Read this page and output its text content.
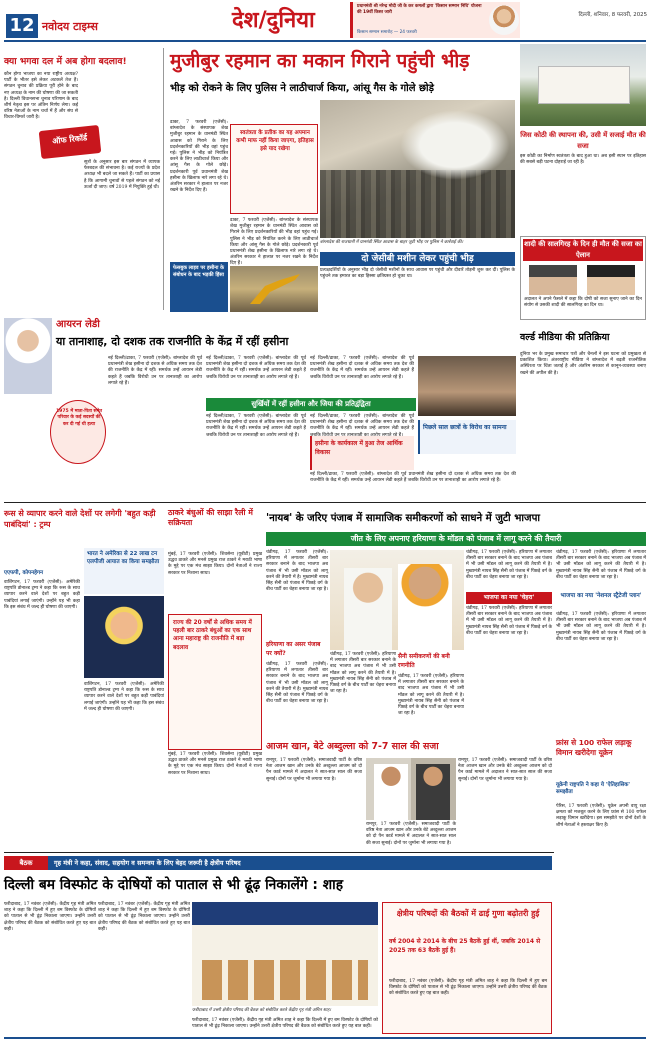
12 नवोदय टाइम्स	देश/दुनिया
प्रधानमंत्री श्री नरेन्द्र मोदी जी के कर कमलों द्वारा 'किसान सम्मान निधि' योजना की 19वीं किस्त जारी
किसान सम्मान समारोह — 24 फरवरी
दिल्ली, शनिवार, 8 फरवरी, 2025
क्या भगवा दल में अब होगा बदलाव!
कौन होगा भाजपा का नया राष्ट्रीय अध्यक्ष? पार्टी के भीतर इसे लेकर अटकलें तेज हैं। संगठन चुनाव की प्रक्रिया पूरी होने के बाद नए अध्यक्ष के नाम की घोषणा की जा सकती है। दिल्ली विधानसभा चुनाव परिणाम के बाद शीर्ष नेतृत्व इस पर अंतिम निर्णय लेगा। कई वरिष्ठ नेताओं के नाम चर्चा में हैं और संघ से विचार-विमर्श जारी है।
ऑफ रिकॉर्ड
सूत्रों के अनुसार इस बार संगठन में व्यापक फेरबदल की संभावना है। कई राज्यों के प्रदेश अध्यक्ष भी बदले जा सकते हैं। पार्टी का प्रयास है कि आगामी चुनावों से पहले संगठन को नई ऊर्जा दी जाए। वर्ष 2019 में नियुक्ति हुई थी।
मुजीबुर रहमान का मकान गिराने पहुंची भीड़
भीड़ को रोकने के लिए पुलिस ने लाठीचार्ज किया, आंसू गैस के गोले छोड़े
ढाका, 7 फरवरी (एजेंसी): बांग्लादेश के संस्थापक शेख मुजीबुर रहमान के धानमंडी स्थित आवास को गिराने के लिए प्रदर्शनकारियों की भीड़ वहां पहुंच गई। पुलिस ने भीड़ को नियंत्रित करने के लिए लाठीचार्ज किया और आंसू गैस के गोले छोड़े। प्रदर्शनकारी पूर्व प्रधानमंत्री शेख हसीना के खिलाफ नारे लगा रहे थे। अंतरिम सरकार ने हालात पर नजर रखने के निर्देश दिए हैं।
स्वतंत्रता के प्रतीक का यह अपमान कभी माफ नहीं किया जाएगा, इतिहास इसे याद रखेगा
ढाका, 7 फरवरी (एजेंसी): बांग्लादेश के संस्थापक शेख मुजीबुर रहमान के धानमंडी स्थित आवास को गिराने के लिए प्रदर्शनकारियों की भीड़ वहां पहुंच गई। पुलिस ने भीड़ को नियंत्रित करने के लिए लाठीचार्ज किया और आंसू गैस के गोले छोड़े। प्रदर्शनकारी पूर्व प्रधानमंत्री शेख हसीना के खिलाफ नारे लगा रहे थे। अंतरिम सरकार ने हालात पर नजर रखने के निर्देश दिए हैं।
बांग्लादेश की राजधानी में धानमंडी स्थित आवास के बाहर जुटी भीड़ पर पुलिस ने कार्रवाई की।
दो जेसीबी मशीन लेकर पहुंची भीड़
प्रत्यक्षदर्शियों के अनुसार भीड़ दो जेसीबी मशीनों के साथ आवास पर पहुंची और दीवारें तोड़नी शुरू कर दीं। पुलिस के पहुंचने तक इमारत का बड़ा हिस्सा क्षतिग्रस्त हो चुका था।
फेसबुक लाइव पर हसीना के संबोधन के बाद भड़की हिंसा
जिस कोठी की स्थापना की, उसी में सजाई मौत की सजा
इस कोठी का निर्माण स्वतंत्रता के बाद हुआ था। अब इसी स्थान पर इतिहास की सबसे बड़ी घटना दोहराई जा रही है।
शादी की सालगिरह के दिन ही मौत की सजा का ऐलान
अदालत ने अपने फैसले में कहा कि दोषी को सजा सुनाए जाने का दिन संयोग से उसकी शादी की सालगिरह का दिन था।
आयरन लेडी
या तानाशाह, दो दशक तक राजनीति के केंद्र में रहीं हसीना
1975 में माता-पिता समेत परिवार के कई सदस्यों की कर दी गई थी हत्या
नई दिल्ली/ढाका, 7 फरवरी (एजेंसी): बांग्लादेश की पूर्व प्रधानमंत्री शेख हसीना दो दशक से अधिक समय तक देश की राजनीति के केंद्र में रहीं। समर्थक उन्हें आयरन लेडी कहते हैं जबकि विरोधी उन पर तानाशाही का आरोप लगाते रहे हैं।
नई दिल्ली/ढाका, 7 फरवरी (एजेंसी): बांग्लादेश की पूर्व प्रधानमंत्री शेख हसीना दो दशक से अधिक समय तक देश की राजनीति के केंद्र में रहीं। समर्थक उन्हें आयरन लेडी कहते हैं जबकि विरोधी उन पर तानाशाही का आरोप लगाते रहे हैं।
सुर्खियों में रहीं हसीना और जिया की प्रतिद्वंद्विता
नई दिल्ली/ढाका, 7 फरवरी (एजेंसी): बांग्लादेश की पूर्व प्रधानमंत्री शेख हसीना दो दशक से अधिक समय तक देश की राजनीति के केंद्र में रहीं। समर्थक उन्हें आयरन लेडी कहते हैं जबकि विरोधी उन पर तानाशाही का आरोप लगाते रहे हैं।
नई दिल्ली/ढाका, 7 फरवरी (एजेंसी): बांग्लादेश की पूर्व प्रधानमंत्री शेख हसीना दो दशक से अधिक समय तक देश की राजनीति के केंद्र में रहीं। समर्थक उन्हें आयरन लेडी कहते हैं जबकि विरोधी उन पर तानाशाही का आरोप लगाते रहे हैं।
नई दिल्ली/ढाका, 7 फरवरी (एजेंसी): बांग्लादेश की पूर्व प्रधानमंत्री शेख हसीना दो दशक से अधिक समय तक देश की राजनीति के केंद्र में रहीं। समर्थक उन्हें आयरन लेडी कहते हैं
हसीना के कार्यकाल में हुआ तेज आर्थिक विकास
पिछले साल छात्रों के विरोध का सामना
नई दिल्ली/ढाका, 7 फरवरी (एजेंसी): बांग्लादेश की पूर्व प्रधानमंत्री शेख हसीना दो दशक से अधिक समय तक देश की राजनीति के केंद्र में रहीं। समर्थक उन्हें आयरन लेडी कहते हैं जबकि विरोधी उन पर तानाशाही का आरोप लगाते रहे हैं।
वर्ल्ड मीडिया की प्रतिक्रिया
दुनिया भर के प्रमुख समाचार पत्रों और चैनलों ने इस घटना को प्रमुखता से प्रकाशित किया। अंतरराष्ट्रीय मीडिया ने बांग्लादेश में बढ़ती राजनीतिक अस्थिरता पर चिंता जताई है और अंतरिम सरकार से कानून-व्यवस्था बनाए रखने की अपील की है।
रूस से व्यापार करने वाले देशों पर लगेगी 'बहुत कड़ी पाबंदियां' : ट्रम्प
एएफपी, कोपनहेगन
वाशिंगटन, 17 फरवरी (एजेंसी): अमेरिकी राष्ट्रपति डोनाल्ड ट्रम्प ने कहा कि रूस के साथ व्यापार करने वाले देशों पर बहुत कड़ी पाबंदियां लगाई जाएंगी। उन्होंने यह भी कहा कि इस संबंध में जल्द ही घोषणा की जाएगी।
भारत ने अमेरिका से 22 लाख टन एलपीजी आयात का किया समझौता
वाशिंगटन, 17 फरवरी (एजेंसी): अमेरिकी राष्ट्रपति डोनाल्ड ट्रम्प ने कहा कि रूस के साथ व्यापार करने वाले देशों पर बहुत कड़ी पाबंदियां लगाई जाएंगी। उन्होंने यह भी कहा कि इस संबंध में जल्द ही घोषणा की जाएगी।
ठाकरे बंधुओं की साझा रैली में सक्रियता
मुंबई, 17 फरवरी (एजेंसी): शिवसेना (यूबीटी) प्रमुख उद्धव ठाकरे और मनसे प्रमुख राज ठाकरे ने मराठी भाषा के मुद्दे पर एक मंच साझा किया। दोनों नेताओं ने राज्य सरकार पर निशाना साधा।
राज्य की 20 वर्षों से अधिक समय में पहली बार ठाकरे बंधुओं का एक साथ आना महाराष्ट्र की राजनीति में बड़ा बदलाव
मुंबई, 17 फरवरी (एजेंसी): शिवसेना (यूबीटी) प्रमुख उद्धव ठाकरे और मनसे प्रमुख राज ठाकरे ने मराठी भाषा के मुद्दे पर एक मंच साझा किया। दोनों नेताओं ने राज्य सरकार पर निशाना साधा।
'नायब' के जरिए पंजाब में सामाजिक समीकरणों को साधने में जुटी भाजपा
जीत के लिए अपनाए हरियाणा के मॉडल को पंजाब में लागू करने की तैयारी
चंडीगढ़, 17 फरवरी (एजेंसी): हरियाणा में लगातार तीसरी बार सरकार बनाने के बाद भाजपा अब पंजाब में भी उसी मॉडल को लागू करने की तैयारी में है। मुख्यमंत्री नायब सिंह सैनी को पंजाब में पिछड़े वर्ग के बीच पार्टी का चेहरा बनाया जा रहा है।
चंडीगढ़, 17 फरवरी (एजेंसी): हरियाणा में लगातार तीसरी बार सरकार बनाने के बाद भाजपा अब पंजाब में भी उसी मॉडल को लागू करने की तैयारी में है। मुख्यमंत्री नायब सिंह सैनी को पंजाब में पिछड़े वर्ग के बीच पार्टी का चेहरा बनाया जा रहा है।
चंडीगढ़, 17 फरवरी (एजेंसी): हरियाणा में लगातार तीसरी बार सरकार बनाने के बाद भाजपा अब पंजाब में भी उसी मॉडल को लागू करने की तैयारी में है। मुख्यमंत्री नायब सिंह सैनी को पंजाब में पिछड़े वर्ग के बीच पार्टी का चेहरा बनाया जा रहा है।
हरियाणा का असर पंजाब पर क्यों?
चंडीगढ़, 17 फरवरी (एजेंसी): हरियाणा में लगातार तीसरी बार सरकार बनाने के बाद भाजपा अब पंजाब में भी उसी मॉडल को लागू करने की तैयारी में है। मुख्यमंत्री नायब सिंह सैनी को पंजाब में पिछड़े वर्ग के बीच पार्टी का चेहरा बनाया जा रहा है।
चंडीगढ़, 17 फरवरी (एजेंसी): हरियाणा में लगातार तीसरी बार सरकार बनाने के बाद भाजपा अब पंजाब में भी उसी मॉडल को लागू करने की तैयारी में है। मुख्यमंत्री नायब सिंह सैनी को पंजाब में पिछड़े वर्ग के बीच पार्टी का चेहरा बनाया जा रहा है।
सैनी समीकरणों की बनी रणनीति
चंडीगढ़, 17 फरवरी (एजेंसी): हरियाणा में लगातार तीसरी बार सरकार बनाने के बाद भाजपा अब पंजाब में भी उसी मॉडल को लागू करने की तैयारी में है। मुख्यमंत्री नायब सिंह सैनी को पंजाब में पिछड़े वर्ग के बीच पार्टी का चेहरा बनाया जा रहा है।
भाजपा का नया 'चेहरा'
चंडीगढ़, 17 फरवरी (एजेंसी): हरियाणा में लगातार तीसरी बार सरकार बनाने के बाद भाजपा अब पंजाब में भी उसी मॉडल को लागू करने की तैयारी में है। मुख्यमंत्री नायब सिंह सैनी को पंजाब में पिछड़े वर्ग के बीच पार्टी का चेहरा बनाया जा रहा है।
भाजपा का नया 'नेशनल स्ट्रैटेजी प्लान'
चंडीगढ़, 17 फरवरी (एजेंसी): हरियाणा में लगातार तीसरी बार सरकार बनाने के बाद भाजपा अब पंजाब में भी उसी मॉडल को लागू करने की तैयारी में है। मुख्यमंत्री नायब सिंह सैनी को पंजाब में पिछड़े वर्ग के बीच पार्टी का चेहरा बनाया जा रहा है।
आजम खान, बेटे अब्दुल्ला को 7-7 साल की सजा
रामपुर, 17 फरवरी (एजेंसी): समाजवादी पार्टी के वरिष्ठ नेता आजम खान और उनके बेटे अब्दुल्ला आजम को दो पैन कार्ड मामले में अदालत ने सात-सात साल की सजा सुनाई। दोनों पर जुर्माना भी लगाया गया है।
रामपुर, 17 फरवरी (एजेंसी): समाजवादी पार्टी के वरिष्ठ नेता आजम खान और उनके बेटे अब्दुल्ला आजम को दो पैन कार्ड मामले में अदालत ने सात-सात साल की सजा सुनाई। दोनों पर जुर्माना भी लगाया गया है।
रामपुर, 17 फरवरी (एजेंसी): समाजवादी पार्टी के वरिष्ठ नेता आजम खान और उनके बेटे अब्दुल्ला आजम को दो पैन कार्ड मामले में अदालत ने सात-सात साल की सजा सुनाई। दोनों पर जुर्माना भी लगाया गया है।
फ्रांस से 100 राफेल लड़ाकू विमान खरीदेगा यूक्रेन
यूक्रेनी राष्ट्रपति ने कहा ये 'ऐतिहासिक' समझौता
पेरिस, 17 फरवरी (एजेंसी): यूक्रेन अपनी वायु रक्षा क्षमता को मजबूत करने के लिए फ्रांस से 100 राफेल लड़ाकू विमान खरीदेगा। इस समझौते पर दोनों देशों के शीर्ष नेताओं ने हस्ताक्षर किए हैं।
बैठक	गृह मंत्री ने कहा, संवाद, सहयोग व समन्वय के लिए बेहद जरूरी है क्षेत्रीय परिषद
दिल्ली बम विस्फोट के दोषियों को पाताल से भी ढूंढ़ निकालेंगे : शाह
फरीदाबाद, 17 नवंबर (एजेंसी): केंद्रीय गृह मंत्री अमित शाह ने कहा कि दिल्ली में हुए बम विस्फोट के दोषियों को पाताल से भी ढूंढ़ निकाला जाएगा। उन्होंने उत्तरी क्षेत्रीय परिषद की बैठक को संबोधित करते हुए यह बात कही।
फरीदाबाद, 17 नवंबर (एजेंसी): केंद्रीय गृह मंत्री अमित शाह ने कहा कि दिल्ली में हुए बम विस्फोट के दोषियों को पाताल से भी ढूंढ़ निकाला जाएगा। उन्होंने उत्तरी क्षेत्रीय परिषद की बैठक को संबोधित करते हुए यह बात कही।
फरीदाबाद में उत्तरी क्षेत्रीय परिषद की बैठक को संबोधित करते केंद्रीय गृह मंत्री अमित शाह।
फरीदाबाद, 17 नवंबर (एजेंसी): केंद्रीय गृह मंत्री अमित शाह ने कहा कि दिल्ली में हुए बम विस्फोट के दोषियों को पाताल से भी ढूंढ़ निकाला जाएगा। उन्होंने उत्तरी क्षेत्रीय परिषद की बैठक को संबोधित करते हुए यह बात कही।
क्षेत्रीय परिषदों की बैठकों में ढाई गुणा बढ़ोतरी हुई
वर्ष 2004 से 2014 के बीच 25 बैठकें हुई थीं, जबकि 2014 से 2025 तक 63 बैठकें हुई हैं।
फरीदाबाद, 17 नवंबर (एजेंसी): केंद्रीय गृह मंत्री अमित शाह ने कहा कि दिल्ली में हुए बम विस्फोट के दोषियों को पाताल से भी ढूंढ़ निकाला जाएगा। उन्होंने उत्तरी क्षेत्रीय परिषद की बैठक को संबोधित करते हुए यह बात कही।
